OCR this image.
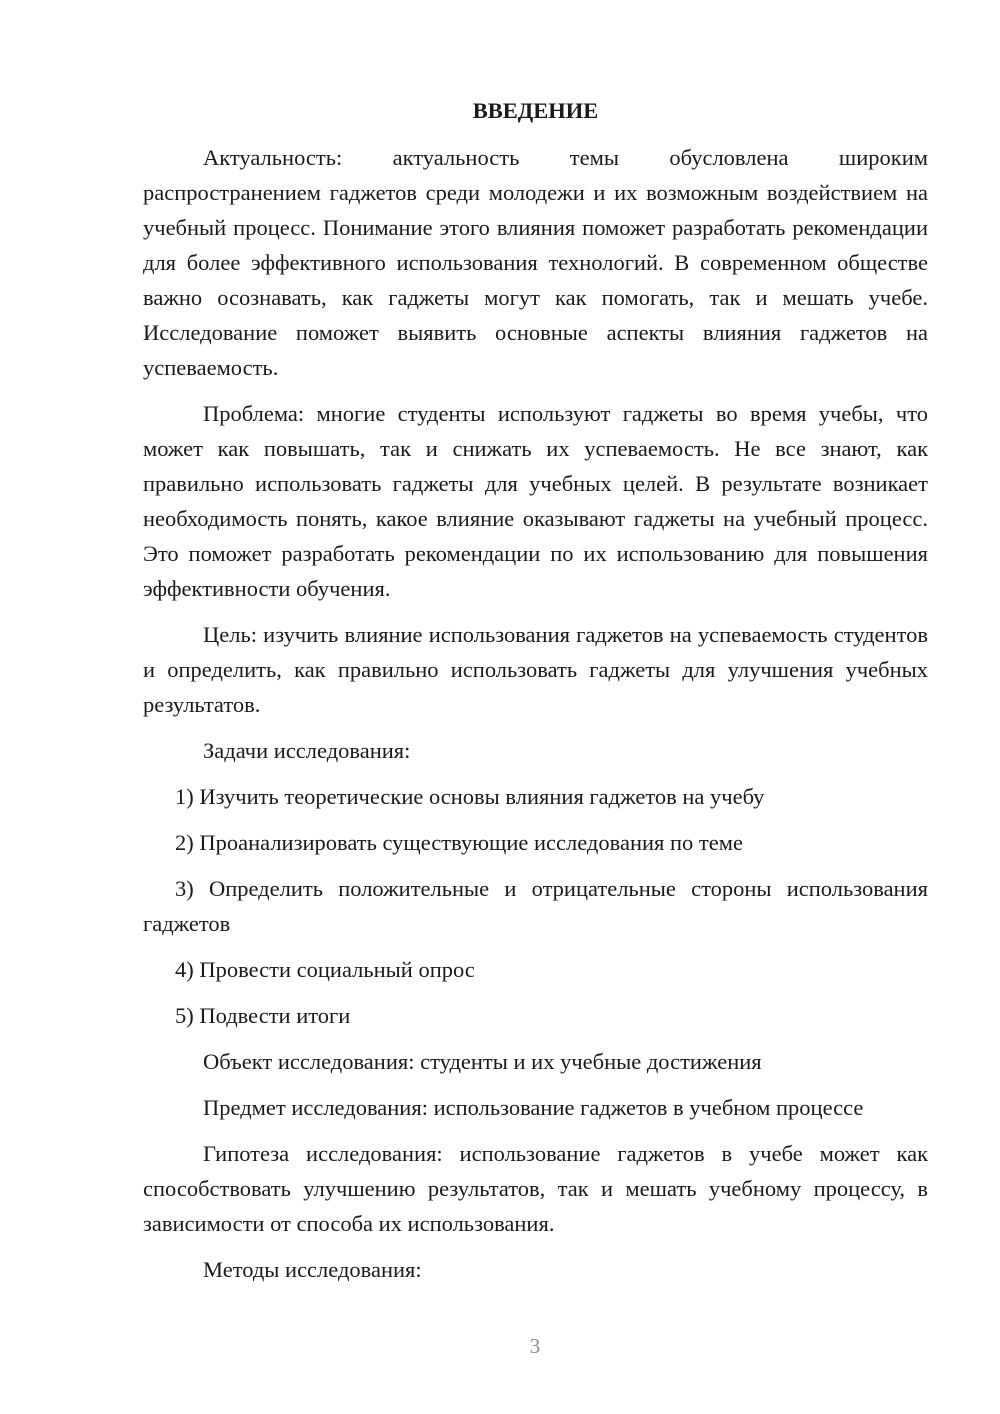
ВВЕДЕНИЕ

Актуальность: актуальность темы обусловлена широким распространением гаджетов среди молодежи и их возможным воздействием на учебный процесс. Понимание этого влияния поможет разработать рекомендации для более эффективного использования технологий. В современном обществе важно осознавать, как гаджеты могут как помогать, так и мешать учебе. Исследование поможет выявить основные аспекты влияния гаджетов на успеваемость.

Проблема: многие студенты используют гаджеты во время учебы, что может как повышать, так и снижать их успеваемость. Не все знают, как правильно использовать гаджеты для учебных целей. В результате возникает необходимость понять, какое влияние оказывают гаджеты на учебный процесс. Это поможет разработать рекомендации по их использованию для повышения эффективности обучения.

Цель: изучить влияние использования гаджетов на успеваемость студентов и определить, как правильно использовать гаджеты для улучшения учебных результатов.

Задачи исследования:

1) Изучить теоретические основы влияния гаджетов на учебу

2) Проанализировать существующие исследования по теме

3) Определить положительные и отрицательные стороны использования гаджетов

4) Провести социальный опрос

5) Подвести итоги

Объект исследования: студенты и их учебные достижения

Предмет исследования: использование гаджетов в учебном процессе

Гипотеза исследования: использование гаджетов в учебе может как способствовать улучшению результатов, так и мешать учебному процессу, в зависимости от способа их использования.

Методы исследования:

3
